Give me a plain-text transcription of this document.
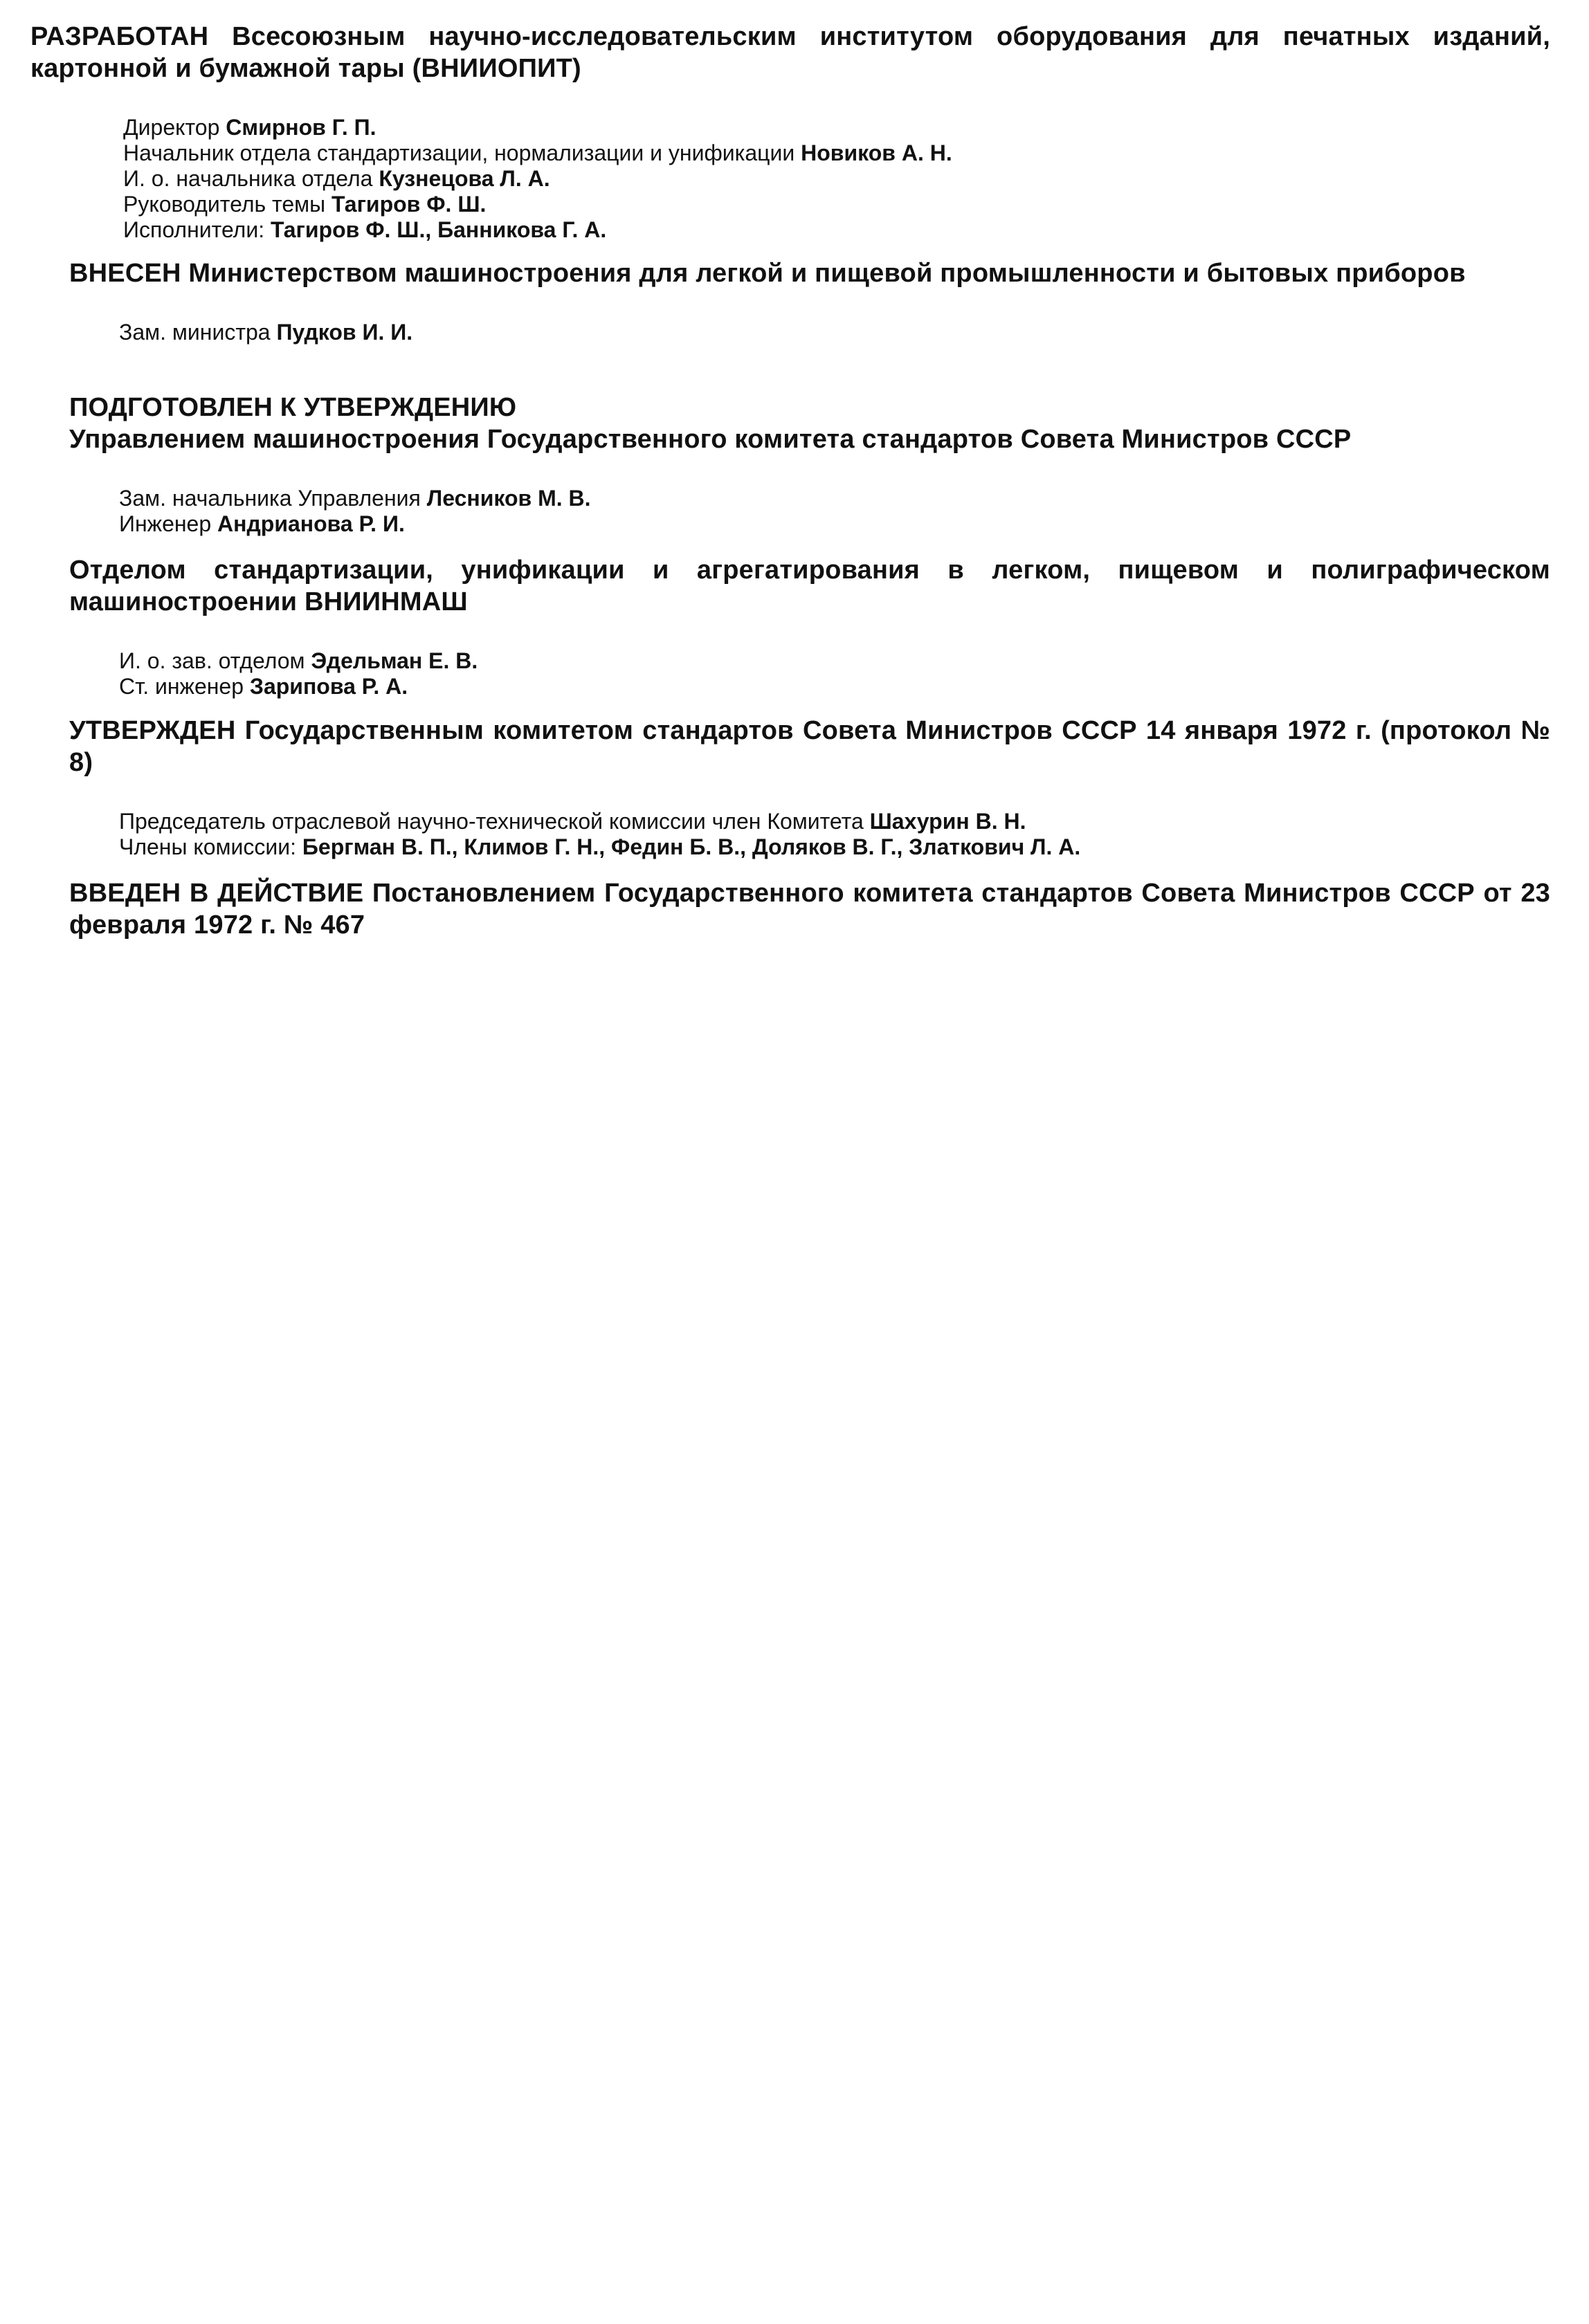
РАЗРАБОТАН Всесоюзным научно-исследовательским институтом оборудования для печатных изданий, картонной и бумажной тары (ВНИИОПИТ)

Директор Смирнов Г. П.
Начальник отдела стандартизации, нормализации и унификации Новиков А. Н.
И. о. начальника отдела Кузнецова Л. А.
Руководитель темы Тагиров Ф. Ш.
Исполнители: Тагиров Ф. Ш., Банникова Г. А.

ВНЕСЕН Министерством машиностроения для легкой и пищевой промышленности и бытовых приборов

Зам. министра Пудков И. И.

ПОДГОТОВЛЕН К УТВЕРЖДЕНИЮ
Управлением машиностроения Государственного комитета стандартов Совета Министров СССР

Зам. начальника Управления Лесников М. В.
Инженер Андрианова Р. И.

Отделом стандартизации, унификации и агрегатирования в легком, пищевом и полиграфическом машиностроении ВНИИНМАШ

И. о. зав. отделом Эдельман Е. В.
Ст. инженер Зарипова Р. А.

УТВЕРЖДЕН Государственным комитетом стандартов Совета Министров СССР 14 января 1972 г. (протокол № 8)

Председатель отраслевой научно-технической комиссии член Комитета Шахурин В. Н.
Члены комиссии: Бергман В. П., Климов Г. Н., Федин Б. В., Доляков В. Г., Златкович Л. А.

ВВЕДЕН В ДЕЙСТВИЕ Постановлением Государственного комитета стандартов Совета Министров СССР от 23 февраля 1972 г. № 467
